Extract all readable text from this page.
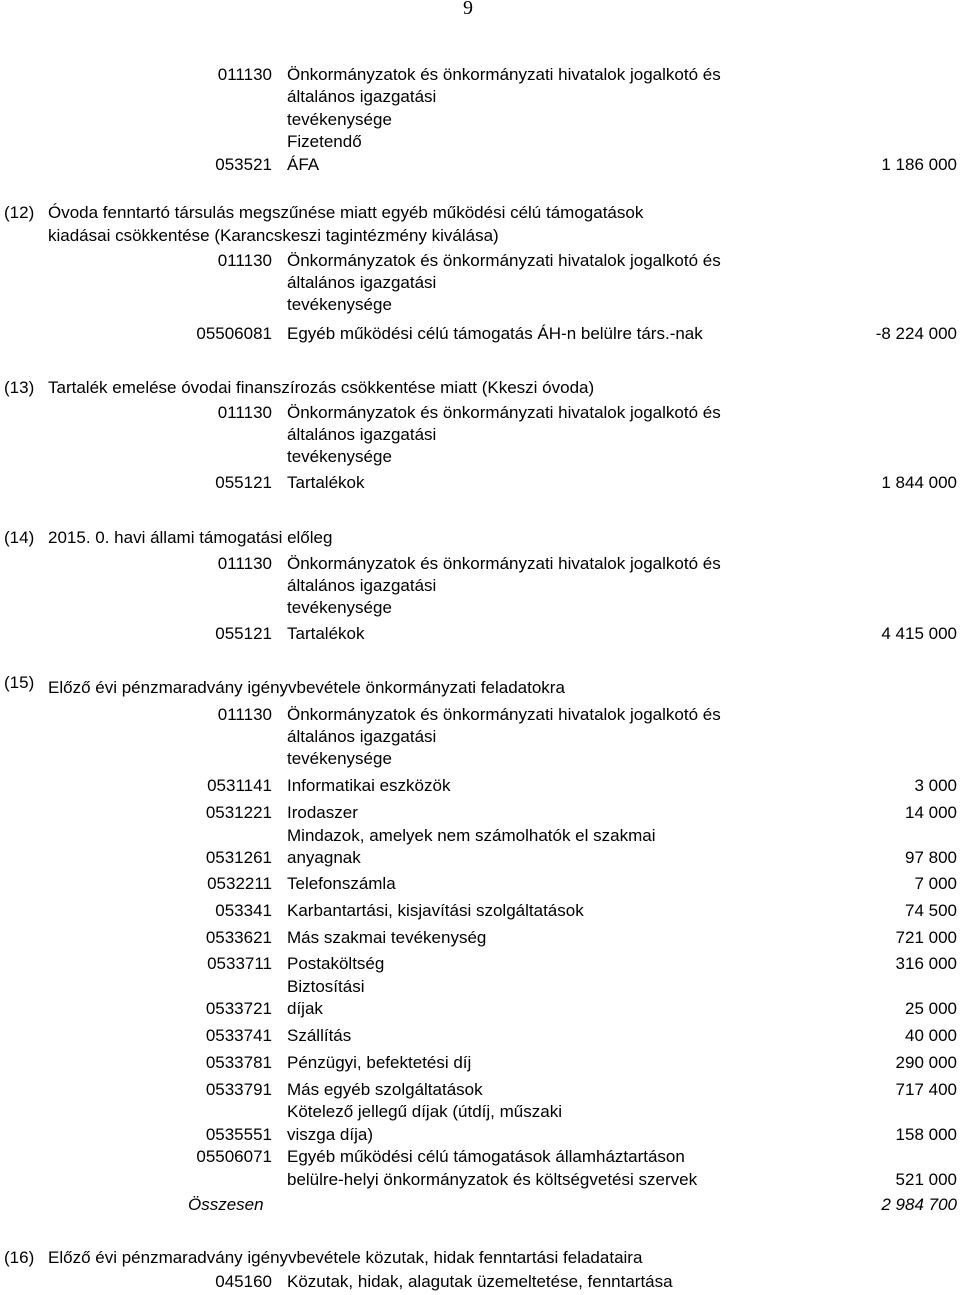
9
011130 Önkormányzatok és önkormányzati hivatalok jogalkotó és
általános igazgatási
tevékenysége
Fizetendő
053521 ÁFA	1 186 000
(12) Óvoda fenntartó társulás megszűnése miatt egyéb működési célú támogatások
kiadásai csökkentése (Karancskeszi tagintézmény kiválása)
011130 Önkormányzatok és önkormányzati hivatalok jogalkotó és
általános igazgatási
tevékenysége
05506081 Egyéb működési célú támogatás ÁH-n belülre társ.-nak	-8 224 000
(13) Tartalék emelése óvodai finanszírozás csökkentése miatt (Kkeszi óvoda)
011130 Önkormányzatok és önkormányzati hivatalok jogalkotó és
általános igazgatási
tevékenysége
055121 Tartalékok	1 844 000
(14) 2015. 0. havi állami támogatási előleg
011130 Önkormányzatok és önkormányzati hivatalok jogalkotó és
általános igazgatási
tevékenysége
055121 Tartalékok	4 415 000
(15) Előző évi pénzmaradvány igényvbevétele önkormányzati feladatokra
011130 Önkormányzatok és önkormányzati hivatalok jogalkotó és
általános igazgatási
tevékenysége
0531141 Informatikai eszközök	3 000
0531221 Irodaszer	14 000
Mindazok, amelyek nem számolhatók el szakmai
0531261 anyagnak	97 800
0532211 Telefonszámla	7 000
053341 Karbantartási, kisjavítási szolgáltatások	74 500
0533621 Más szakmai tevékenység	721 000
0533711 Postaköltség	316 000
Biztosítási
0533721 díjak	25 000
0533741 Szállítás	40 000
0533781 Pénzügyi, befektetési díj	290 000
0533791 Más egyéb szolgáltatások	717 400
Kötelező jellegű díjak (útdíj, műszaki
0535551 viszga díja)	158 000
05506071 Egyéb működési célú támogatások államháztartáson
belülre-helyi önkormányzatok és költségvetési szervek	521 000
Összesen	2 984 700
(16) Előző évi pénzmaradvány igényvbevétele közutak, hidak fenntartási feladataira
045160 Közutak, hidak, alagutak üzemeltetése, fenntartása
